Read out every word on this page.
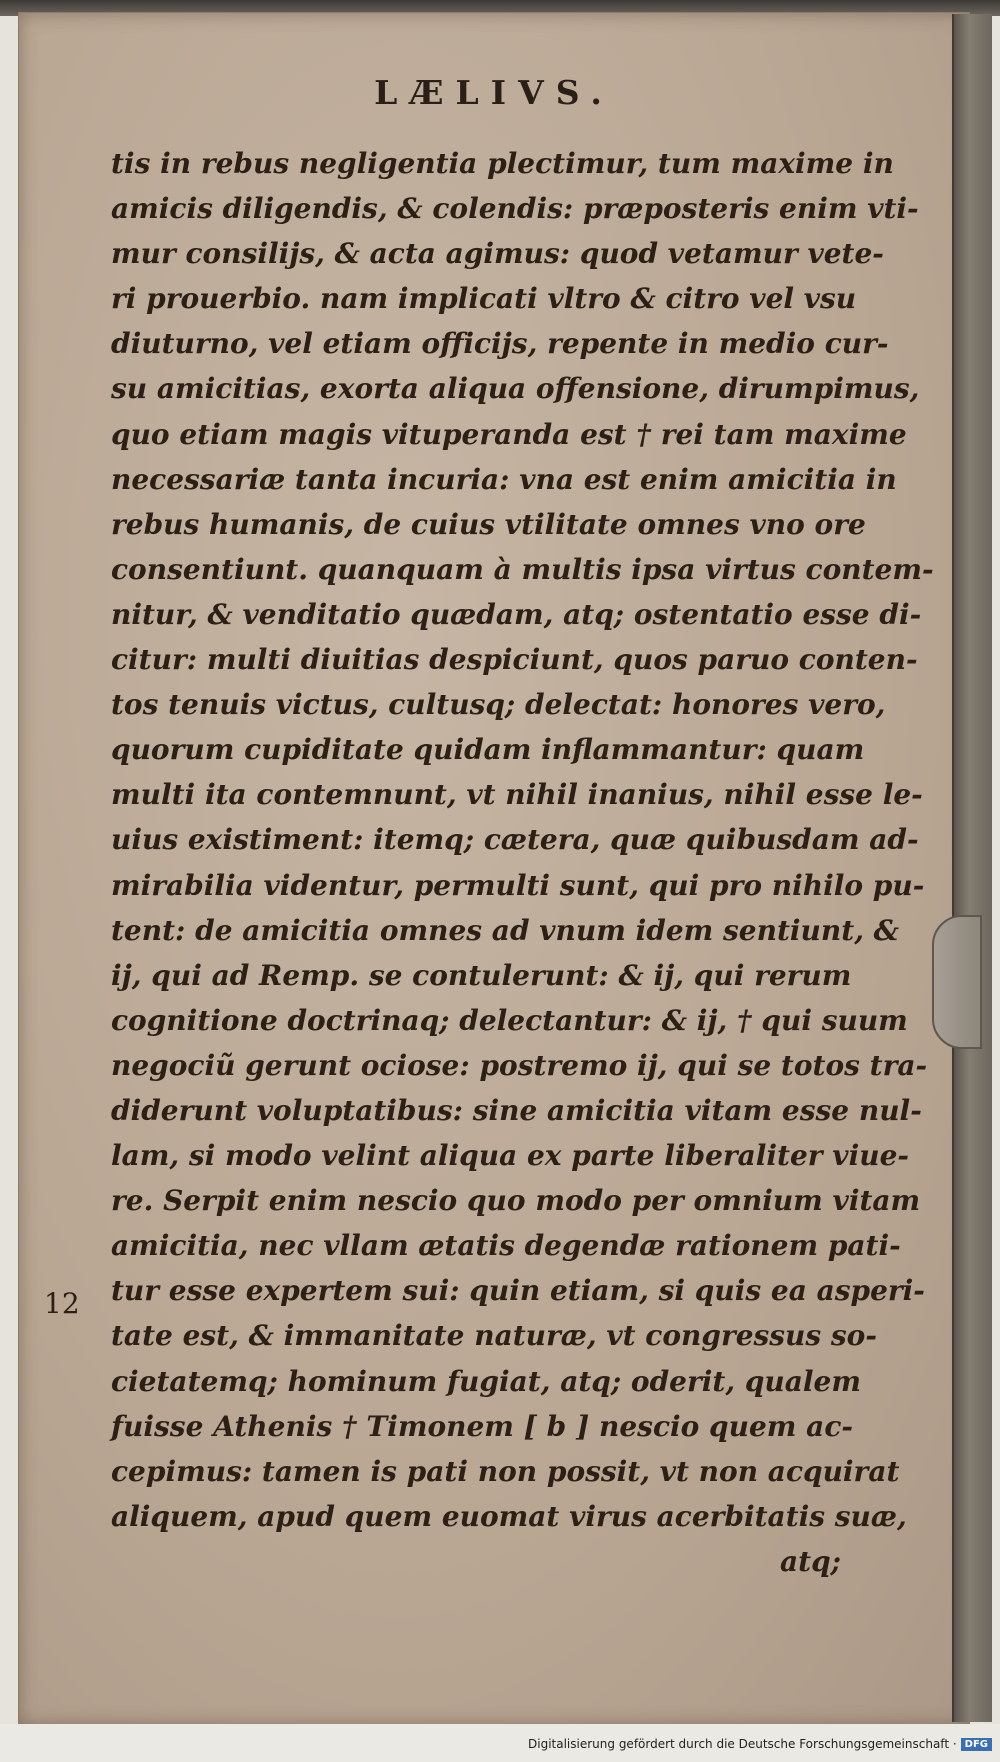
LÆLIVS.
tis in rebus negligentia plectimur, tum maxime in
amicis diligendis, & colendis: præposteris enim vti-
mur consilijs, & acta agimus: quod vetamur vete-
ri prouerbio. nam implicati vltro & citro vel vsu
diuturno, vel etiam officijs, repente in medio cur-
su amicitias, exorta aliqua offensione, dirumpimus,
quo etiam magis vituperanda est † rei tam maxime
necessariæ tanta incuria: vna est enim amicitia in
rebus humanis, de cuius vtilitate omnes vno ore
consentiunt. quanquam à multis ipsa virtus contem-
nitur, & venditatio quædam, atq; ostentatio esse di-
citur: multi diuitias despiciunt, quos paruo conten-
tos tenuis victus, cultusq; delectat: honores vero,
quorum cupiditate quidam inflammantur: quam
multi ita contemnunt, vt nihil inanius, nihil esse le-
uius existiment: itemq; cætera, quæ quibusdam ad-
mirabilia videntur, permulti sunt, qui pro nihilo pu-
tent: de amicitia omnes ad vnum idem sentiunt, &
ij, qui ad Remp. se contulerunt: & ij, qui rerum
cognitione doctrinaq; delectantur: & ij, † qui suum
negociũ gerunt ociose: postremo ij, qui se totos tra-
diderunt voluptatibus: sine amicitia vitam esse nul-
lam, si modo velint aliqua ex parte liberaliter viue-
re. Serpit enim nescio quo modo per omnium vitam
amicitia, nec vllam ætatis degendæ rationem pati-
tur esse expertem sui: quin etiam, si quis ea asperi-
tate est, & immanitate naturæ, vt congressus so-
cietatemq; hominum fugiat, atq; oderit, qualem
fuisse Athenis † Timonem [ b ] nescio quem ac-
cepimus: tamen is pati non possit, vt non acquirat
aliquem, apud quem euomat virus acerbitatis suæ,
atq;
12
Digitalisierung gefördert durch die Deutsche Forschungsgemeinschaft · DFG
